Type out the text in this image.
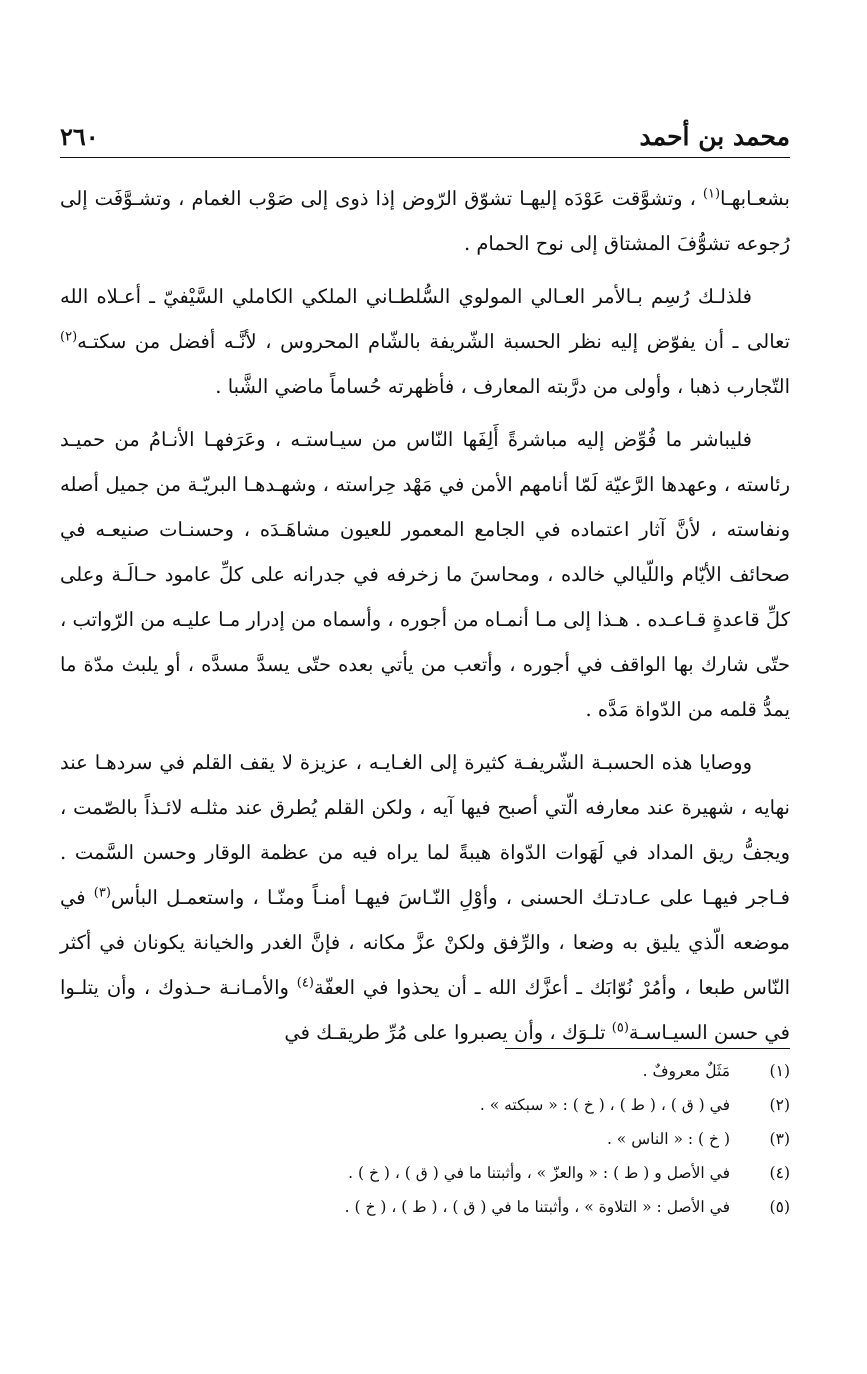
محمد بن أحمد
٢٦٠

بشعـابهـا$^{(١)}$ ، وتشوَّقت عَوْدَه إليهـا تشوّق الرّوض إذا ذوى إلى صَوْب الغمام ، وتشـوَّفَت إلى رُجوعه تشوُّفَ المشتاق إلى نوح الحمام .

فلذلـك رُسِم بـالأمر العـالي المولوي السُّلطـاني الملكي الكاملي السَّيْفيّ ـ أعـلاه الله تعالى ـ أن يفوّض إليه نظر الحسبة الشّريفة بالشّام المحروس ، لأنَّـه أفضل من سكتـه$^{(٢)}$ التّجارب ذهبا ، وأولى من درَّبته المعارف ، فأظهرته حُساماً ماضي الشَّبا .

فليباشر ما فُوِّض إليه مباشرةً أَلِفَها النّاس من سيـاستـه ، وعَرَفهـا الأنـامُ من حميـد رئاسته ، وعهدها الرَّعيّة لَمّا أنامهم الأمن في مَهْد حِراسته ، وشهـدهـا البريّـة من جميل أصله ونفاسته ، لأنَّ آثار اعتماده في الجامع المعمور للعيون مشاهَـدَه ، وحسنـات صنيعـه في صحائف الأيّام واللّيالي خالده ، ومحاسنَ ما زخرفه في جدرانه على كلِّ عامود حـالَـة وعلى كلِّ قاعدةٍ قـاعـده . هـذا إلى مـا أنمـاه من أجوره ، وأسماه من إدرار مـا عليـه من الرّواتب ، حتّى شارك بها الواقف في أجوره ، وأتعب من يأتي بعده حتّى يسدَّ مسدَّه ، أو يلبث مدّة ما يمدُّ قلمه من الدّواة مَدَّه .

ووصايا هذه الحسبـة الشّريفـة كثيرة إلى الغـايـه ، عزيزة لا يقف القلم في سردهـا عند نهايه ، شهيرة عند معارفه الّتي أصبح فيها آيه ، ولكن القلم يُطرق عند مثلـه لائـذاً بالصّمت ، ويجفُّ ريق المداد في لَهَوات الدّواة هيبةً لما يراه فيه من عظمة الوقار وحسن السَّمت . فـاجر فيهـا على عـادتـك الحسنى ، وأوْلِ النّـاسَ فيهـا أمنـاً ومنّـا ، واستعمـل البأس$^{(٣)}$ في موضعه الّذي يليق به وضعا ، والرِّفق ولكنْ عزَّ مكانه ، فإنَّ الغدر والخيانة يكونان في أكثر النّاس طبعا ، وأمُرْ نُوّابَك ـ أعزَّك الله ـ أن يحذوا في العفّة$^{(٤)}$ والأمـانـة حـذوك ، وأن يتلـوا في حسن السيـاسـة$^{(٥)}$ تلـوَك ، وأن يصبروا على مُرِّ طريقـك في

(١)
مَثَلٌ معروفٌ .
(٢)
في ( ق ) ، ( ط ) ، ( خ ) : « سبكته » .
(٣)
( خ ) : « الناس » .
(٤)
في الأصل و ( ط ) : « والعزّ » ، وأثبتنا ما في ( ق ) ، ( خ ) .
(٥)
في الأصل : « التلاوة » ، وأثبتنا ما في ( ق ) ، ( ط ) ، ( خ ) .
